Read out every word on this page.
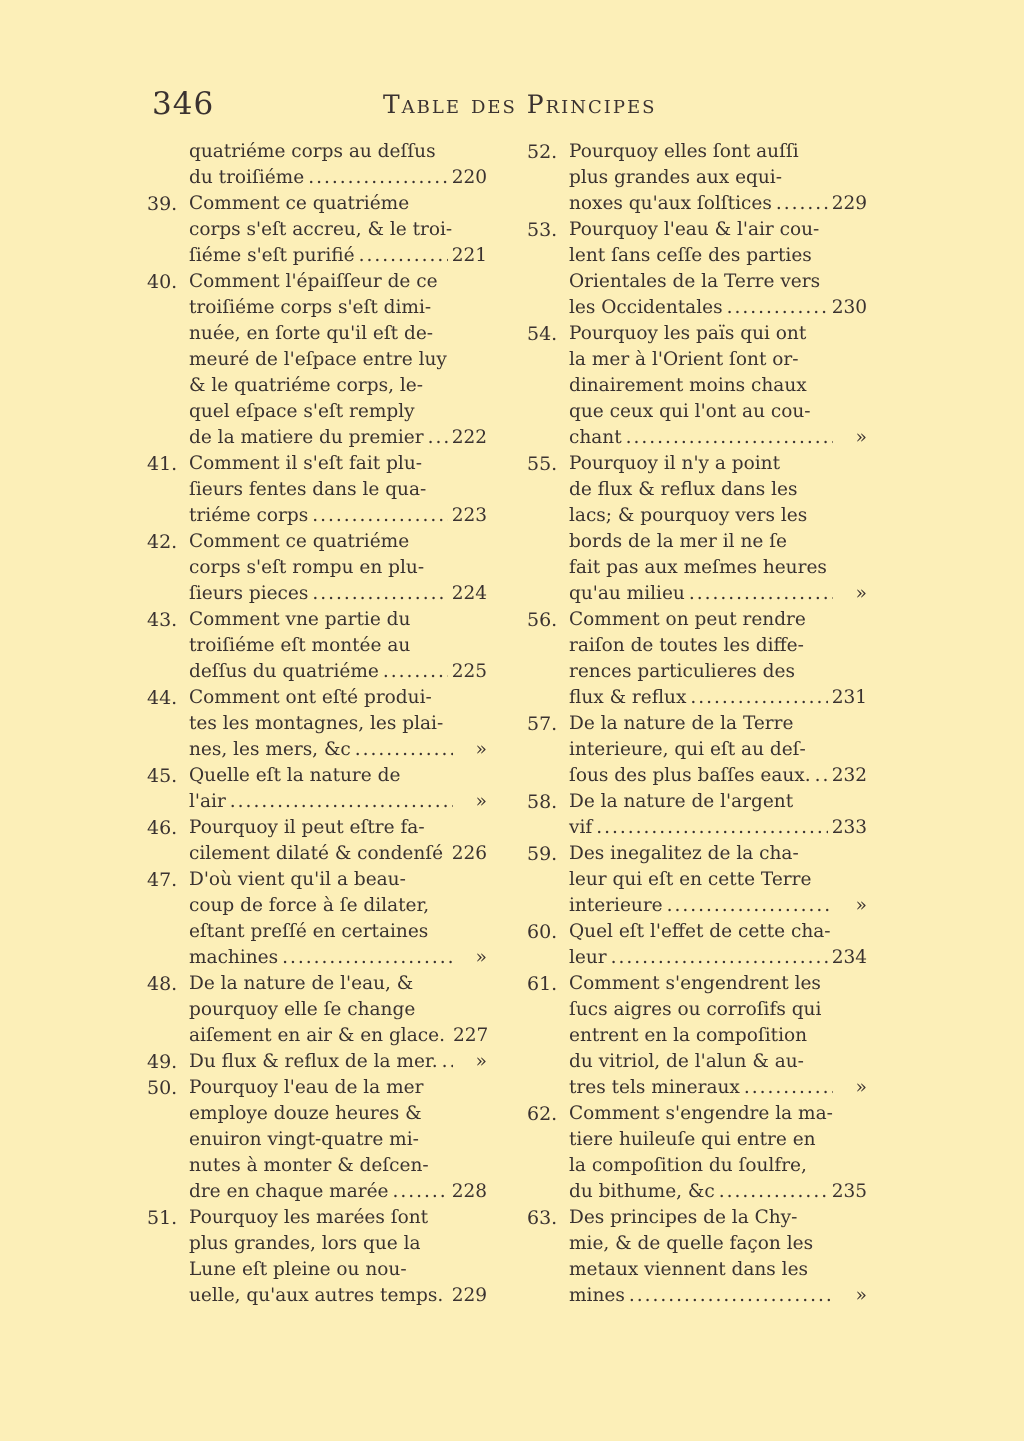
346	Table des Principes
quatriéme corps au deſſus
du troiſiéme .....	220
39. Comment ce quatriéme
corps s'eſt accreu, & le troi-
ſiéme s'eſt purifié .....	221
40. Comment l'épaiſſeur de ce
troiſiéme corps s'eſt dimi-
nuée, en ſorte qu'il eſt de-
meuré de l'eſpace entre luy
& le quatriéme corps, le-
quel eſpace s'eſt remply
de la matiere du premier ..... 222
41. Comment il s'eſt fait plu-
ſieurs fentes dans le qua-
triéme corps .....	223
42. Comment ce quatriéme
corps s'eſt rompu en plu-
ſieurs pieces .....	224
43. Comment vne partie du
troiſiéme eſt montée au
deſſus du quatriéme .....	225
44. Comment ont eſté produi-
tes les montagnes, les plai-
nes, les mers, &c .....	»
45. Quelle eſt la nature de
l'air .....	»
46. Pourquoy il peut eſtre fa-
cilement dilaté & condenſé ..... 226
47. D'où vient qu'il a beau-
coup de force à ſe dilater,
eſtant preſſé en certaines
machines .....	»
48. De la nature de l'eau, &
pourquoy elle ſe change
aiſement en air & en glace. 227
49. Du flux & reflux de la mer. .....	»
50. Pourquoy l'eau de la mer
employe douze heures &
enuiron vingt-quatre mi-
nutes à monter & deſcen-
dre en chaque marée .....	228
51. Pourquoy les marées ſont
plus grandes, lors que la
Lune eſt pleine ou nou-
uelle, qu'aux autres temps. ..... 229
52. Pourquoy elles ſont auſſi
plus grandes aux equi-
noxes qu'aux ſolſtices .....	229
53. Pourquoy l'eau & l'air cou-
lent ſans ceſſe des parties
Orientales de la Terre vers
les Occidentales .....	230
54. Pourquoy les païs qui ont
la mer à l'Orient ſont or-
dinairement moins chaux
que ceux qui l'ont au cou-
chant .....	»
55. Pourquoy il n'y a point
de flux & reflux dans les
lacs; & pourquoy vers les
bords de la mer il ne ſe
fait pas aux meſmes heures
qu'au milieu .....	»
56. Comment on peut rendre
raiſon de toutes les diffe-
rences particulieres des
flux & reflux .....	231
57. De la nature de la Terre
interieure, qui eſt au deſ-
ſous des plus baſſes eaux. ..... 232
58. De la nature de l'argent
vif .....	233
59. Des inegalitez de la cha-
leur qui eſt en cette Terre
interieure .....	»
60. Quel eſt l'effet de cette cha-
leur .....	234
61. Comment s'engendrent les
ſucs aigres ou corroſifs qui
entrent en la compoſition
du vitriol, de l'alun & au-
tres tels mineraux .....	»
62. Comment s'engendre la ma-
tiere huileuſe qui entre en
la compoſition du ſoulfre,
du bithume, &c .....	235
63. Des principes de la Chy-
mie, & de quelle façon les
metaux viennent dans les
mines .....	»
